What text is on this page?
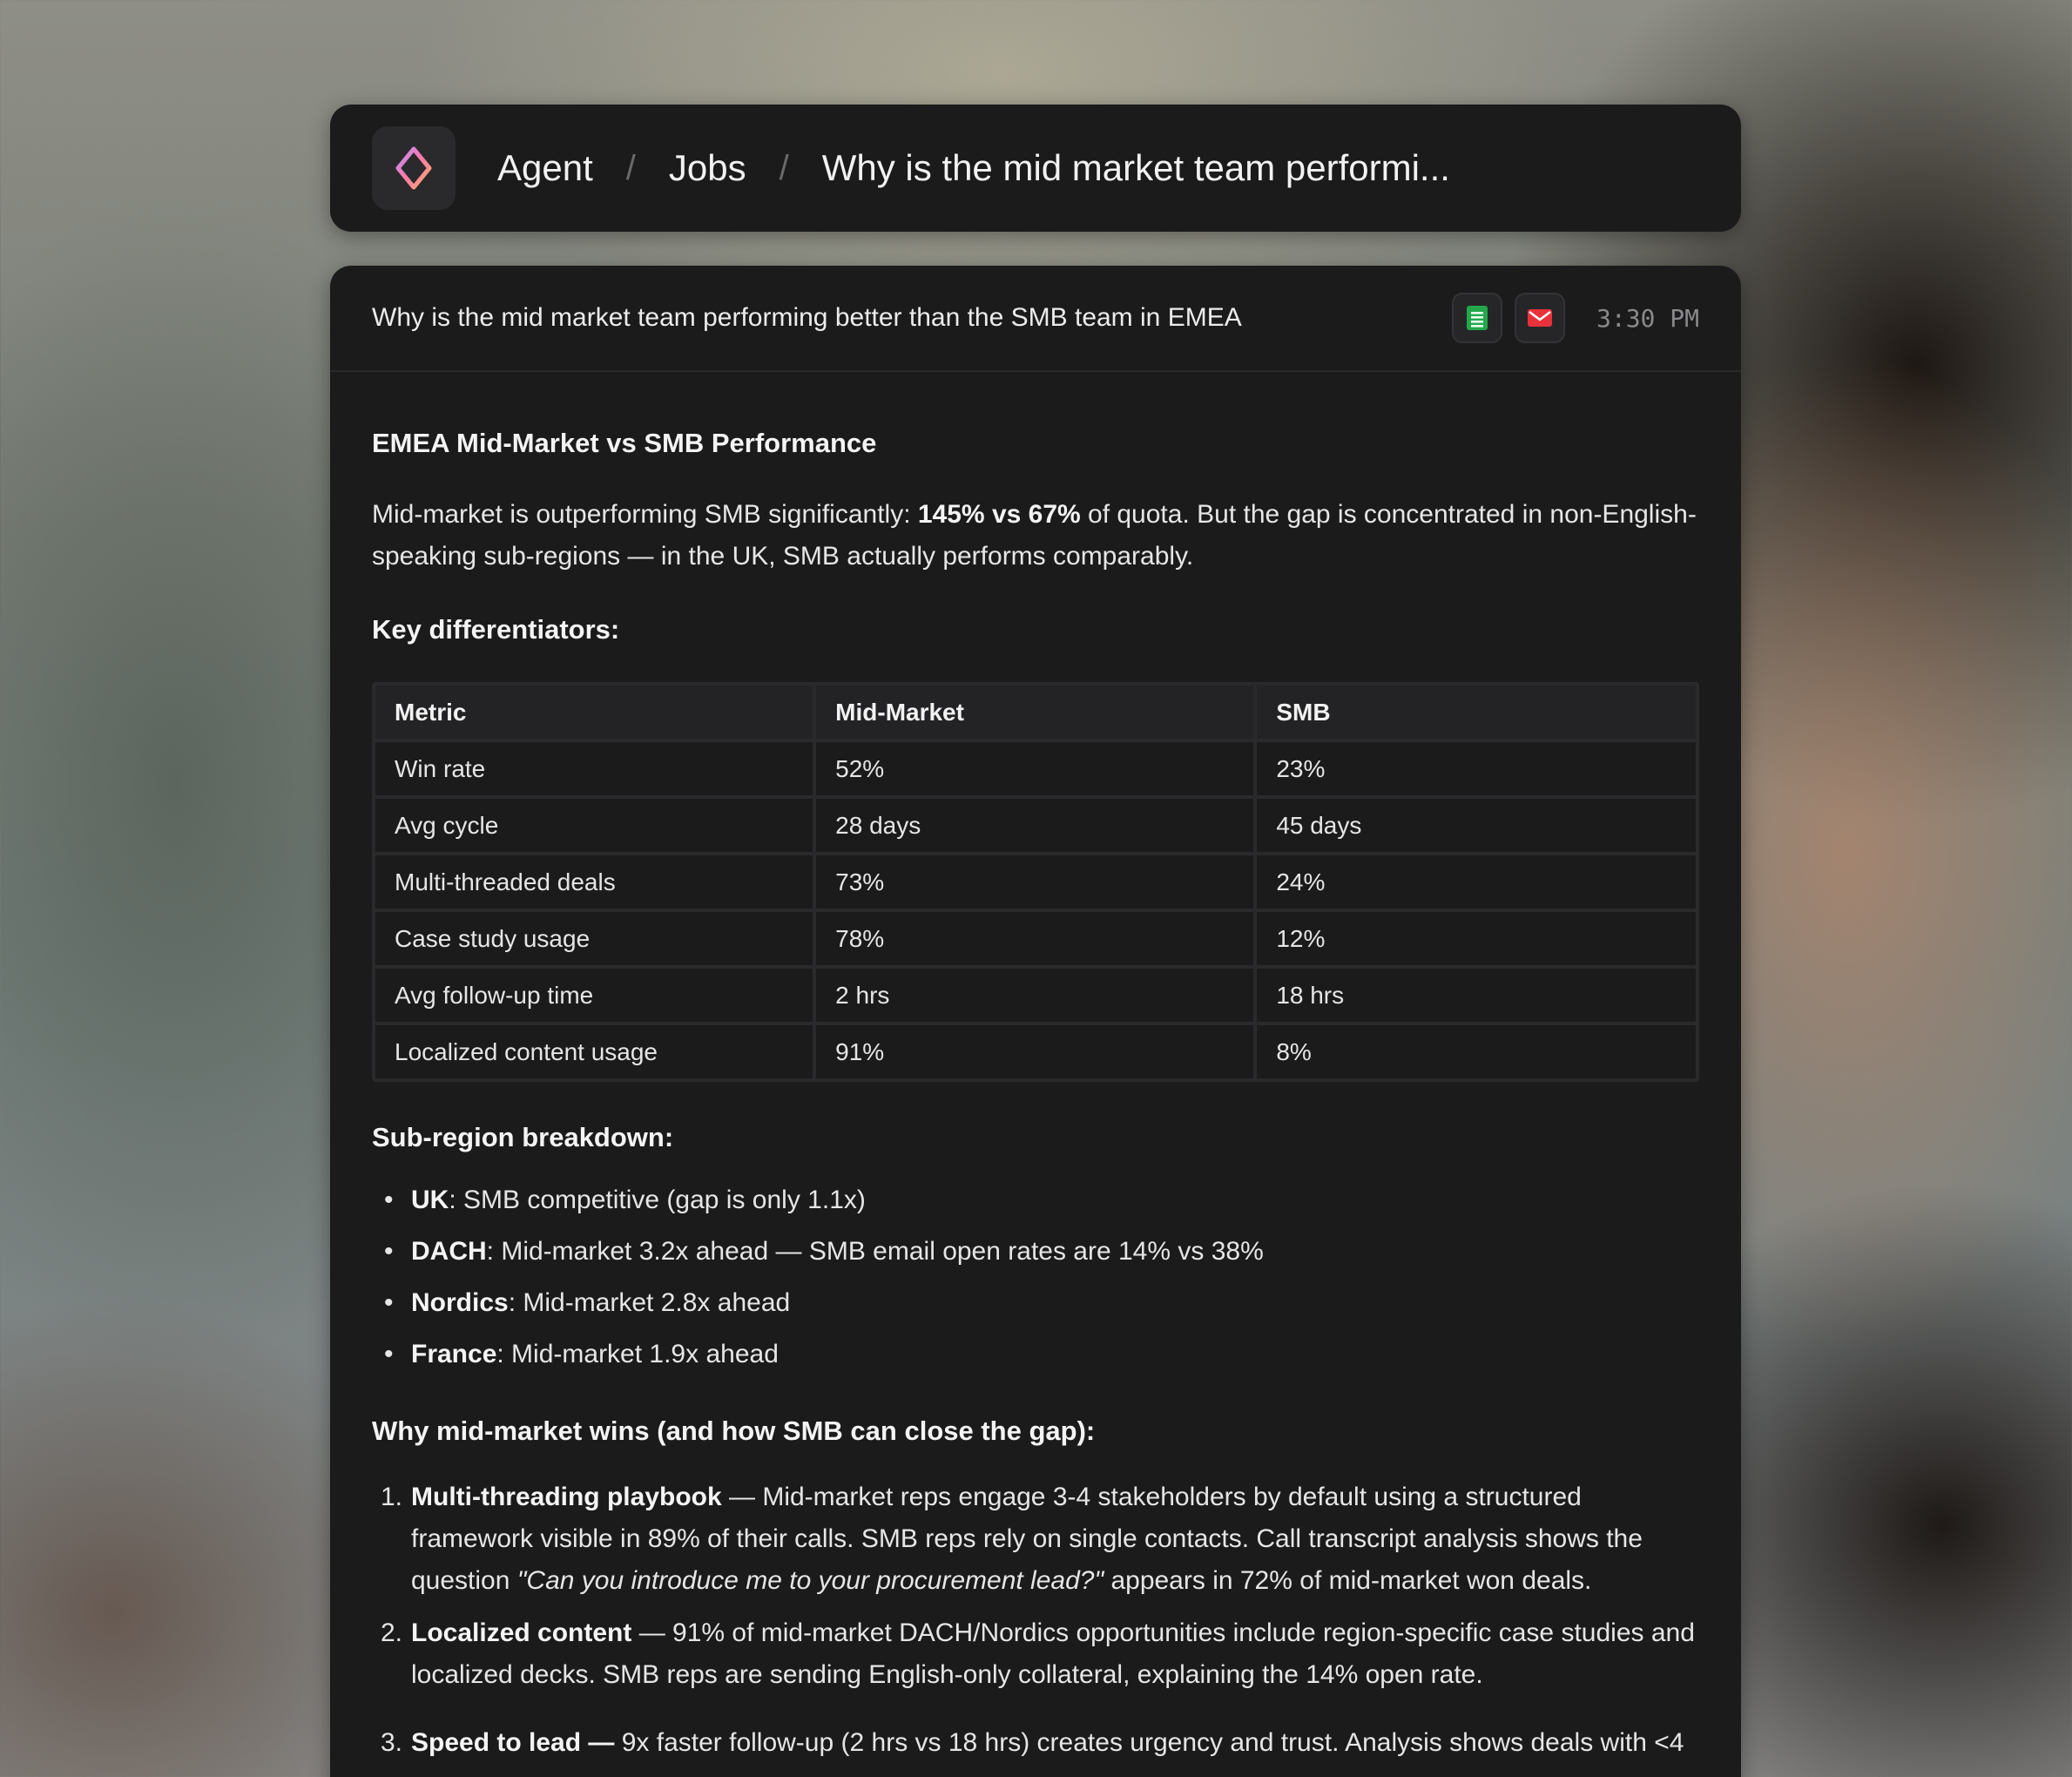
Agent / Jobs / Why is the mid market team performi...
Why is the mid market team performing better than the SMB team in EMEA	3:30 PM
EMEA Mid-Market vs SMB Performance
Mid-market is outperforming SMB significantly: 145% vs 67% of quota. But the gap is concentrated in non-English-speaking sub-regions — in the UK, SMB actually performs comparably.
Key differentiators:
Metric	Mid-Market	SMB
Win rate	52%	23%
Avg cycle	28 days	45 days
Multi-threaded deals	73%	24%
Case study usage	78%	12%
Avg follow-up time	2 hrs	18 hrs
Localized content usage	91%	8%
Sub-region breakdown:
• UK: SMB competitive (gap is only 1.1x)
• DACH: Mid-market 3.2x ahead — SMB email open rates are 14% vs 38%
• Nordics: Mid-market 2.8x ahead
• France: Mid-market 1.9x ahead
Why mid-market wins (and how SMB can close the gap):
1. Multi-threading playbook — Mid-market reps engage 3-4 stakeholders by default using a structured framework visible in 89% of their calls. SMB reps rely on single contacts. Call transcript analysis shows the question "Can you introduce me to your procurement lead?" appears in 72% of mid-market won deals.
2. Localized content — 91% of mid-market DACH/Nordics opportunities include region-specific case studies and localized decks. SMB reps are sending English-only collateral, explaining the 14% open rate.
3. Speed to lead — 9x faster follow-up (2 hrs vs 18 hrs) creates urgency and trust. Analysis shows deals with <4
